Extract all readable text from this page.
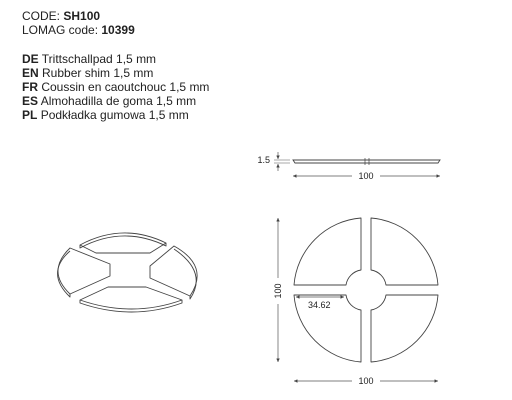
CODE: SH100
LOMAG code: 10399
DE Trittschallpad 1,5 mm
EN Rubber shim 1,5 mm
FR Coussin en caoutchouc 1,5 mm
ES Almohadilla de goma 1,5 mm
PL Podkładka gumowa 1,5 mm
1.5
100
34.62
100
100
